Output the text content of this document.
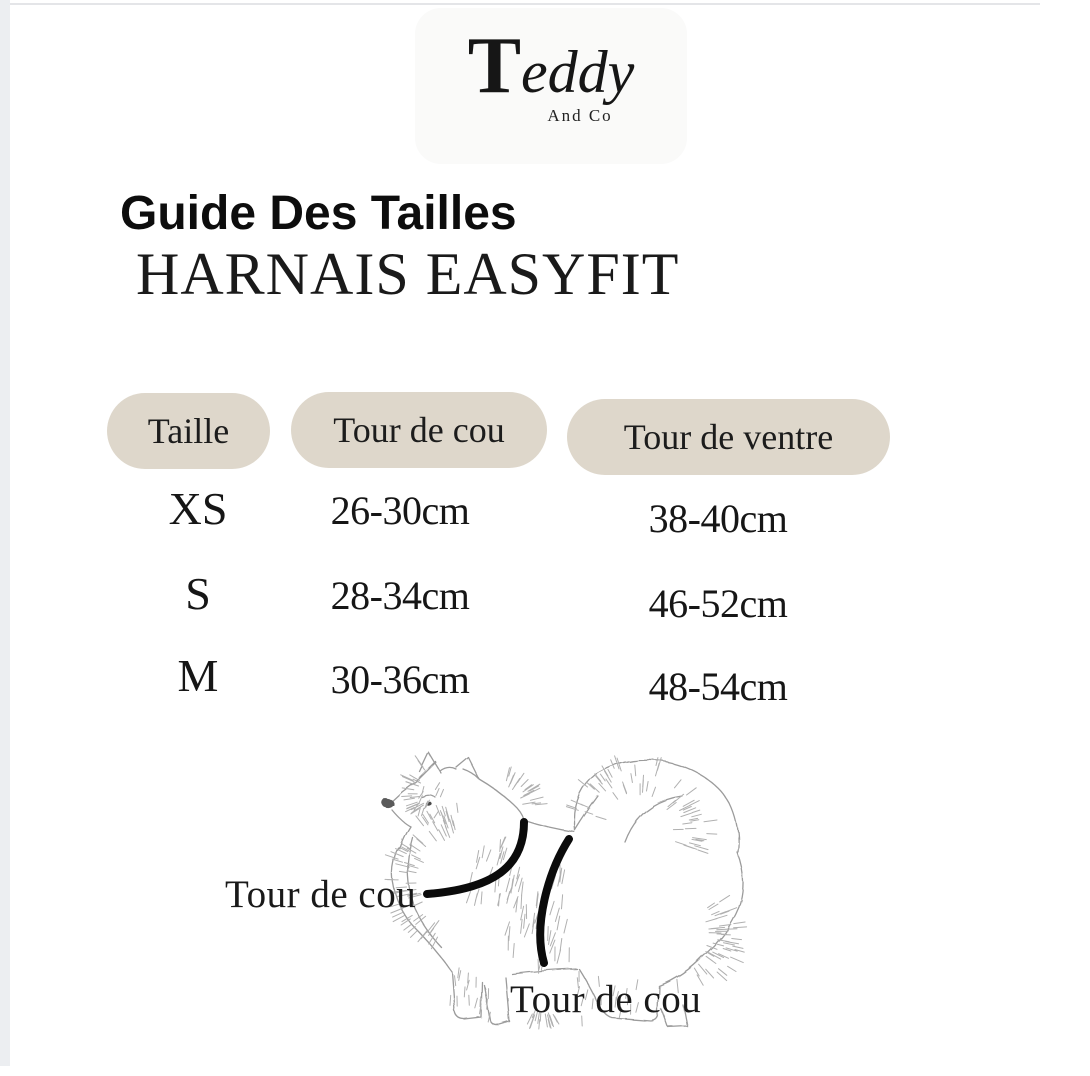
Teddy
And Co
Guide Des Tailles
HARNAIS EASYFIT
Taille	Tour de cou	Tour de ventre
XS	26-30cm	38-40cm
S	28-34cm	46-52cm
M	30-36cm	48-54cm
Tour de cou
Tour de cou
